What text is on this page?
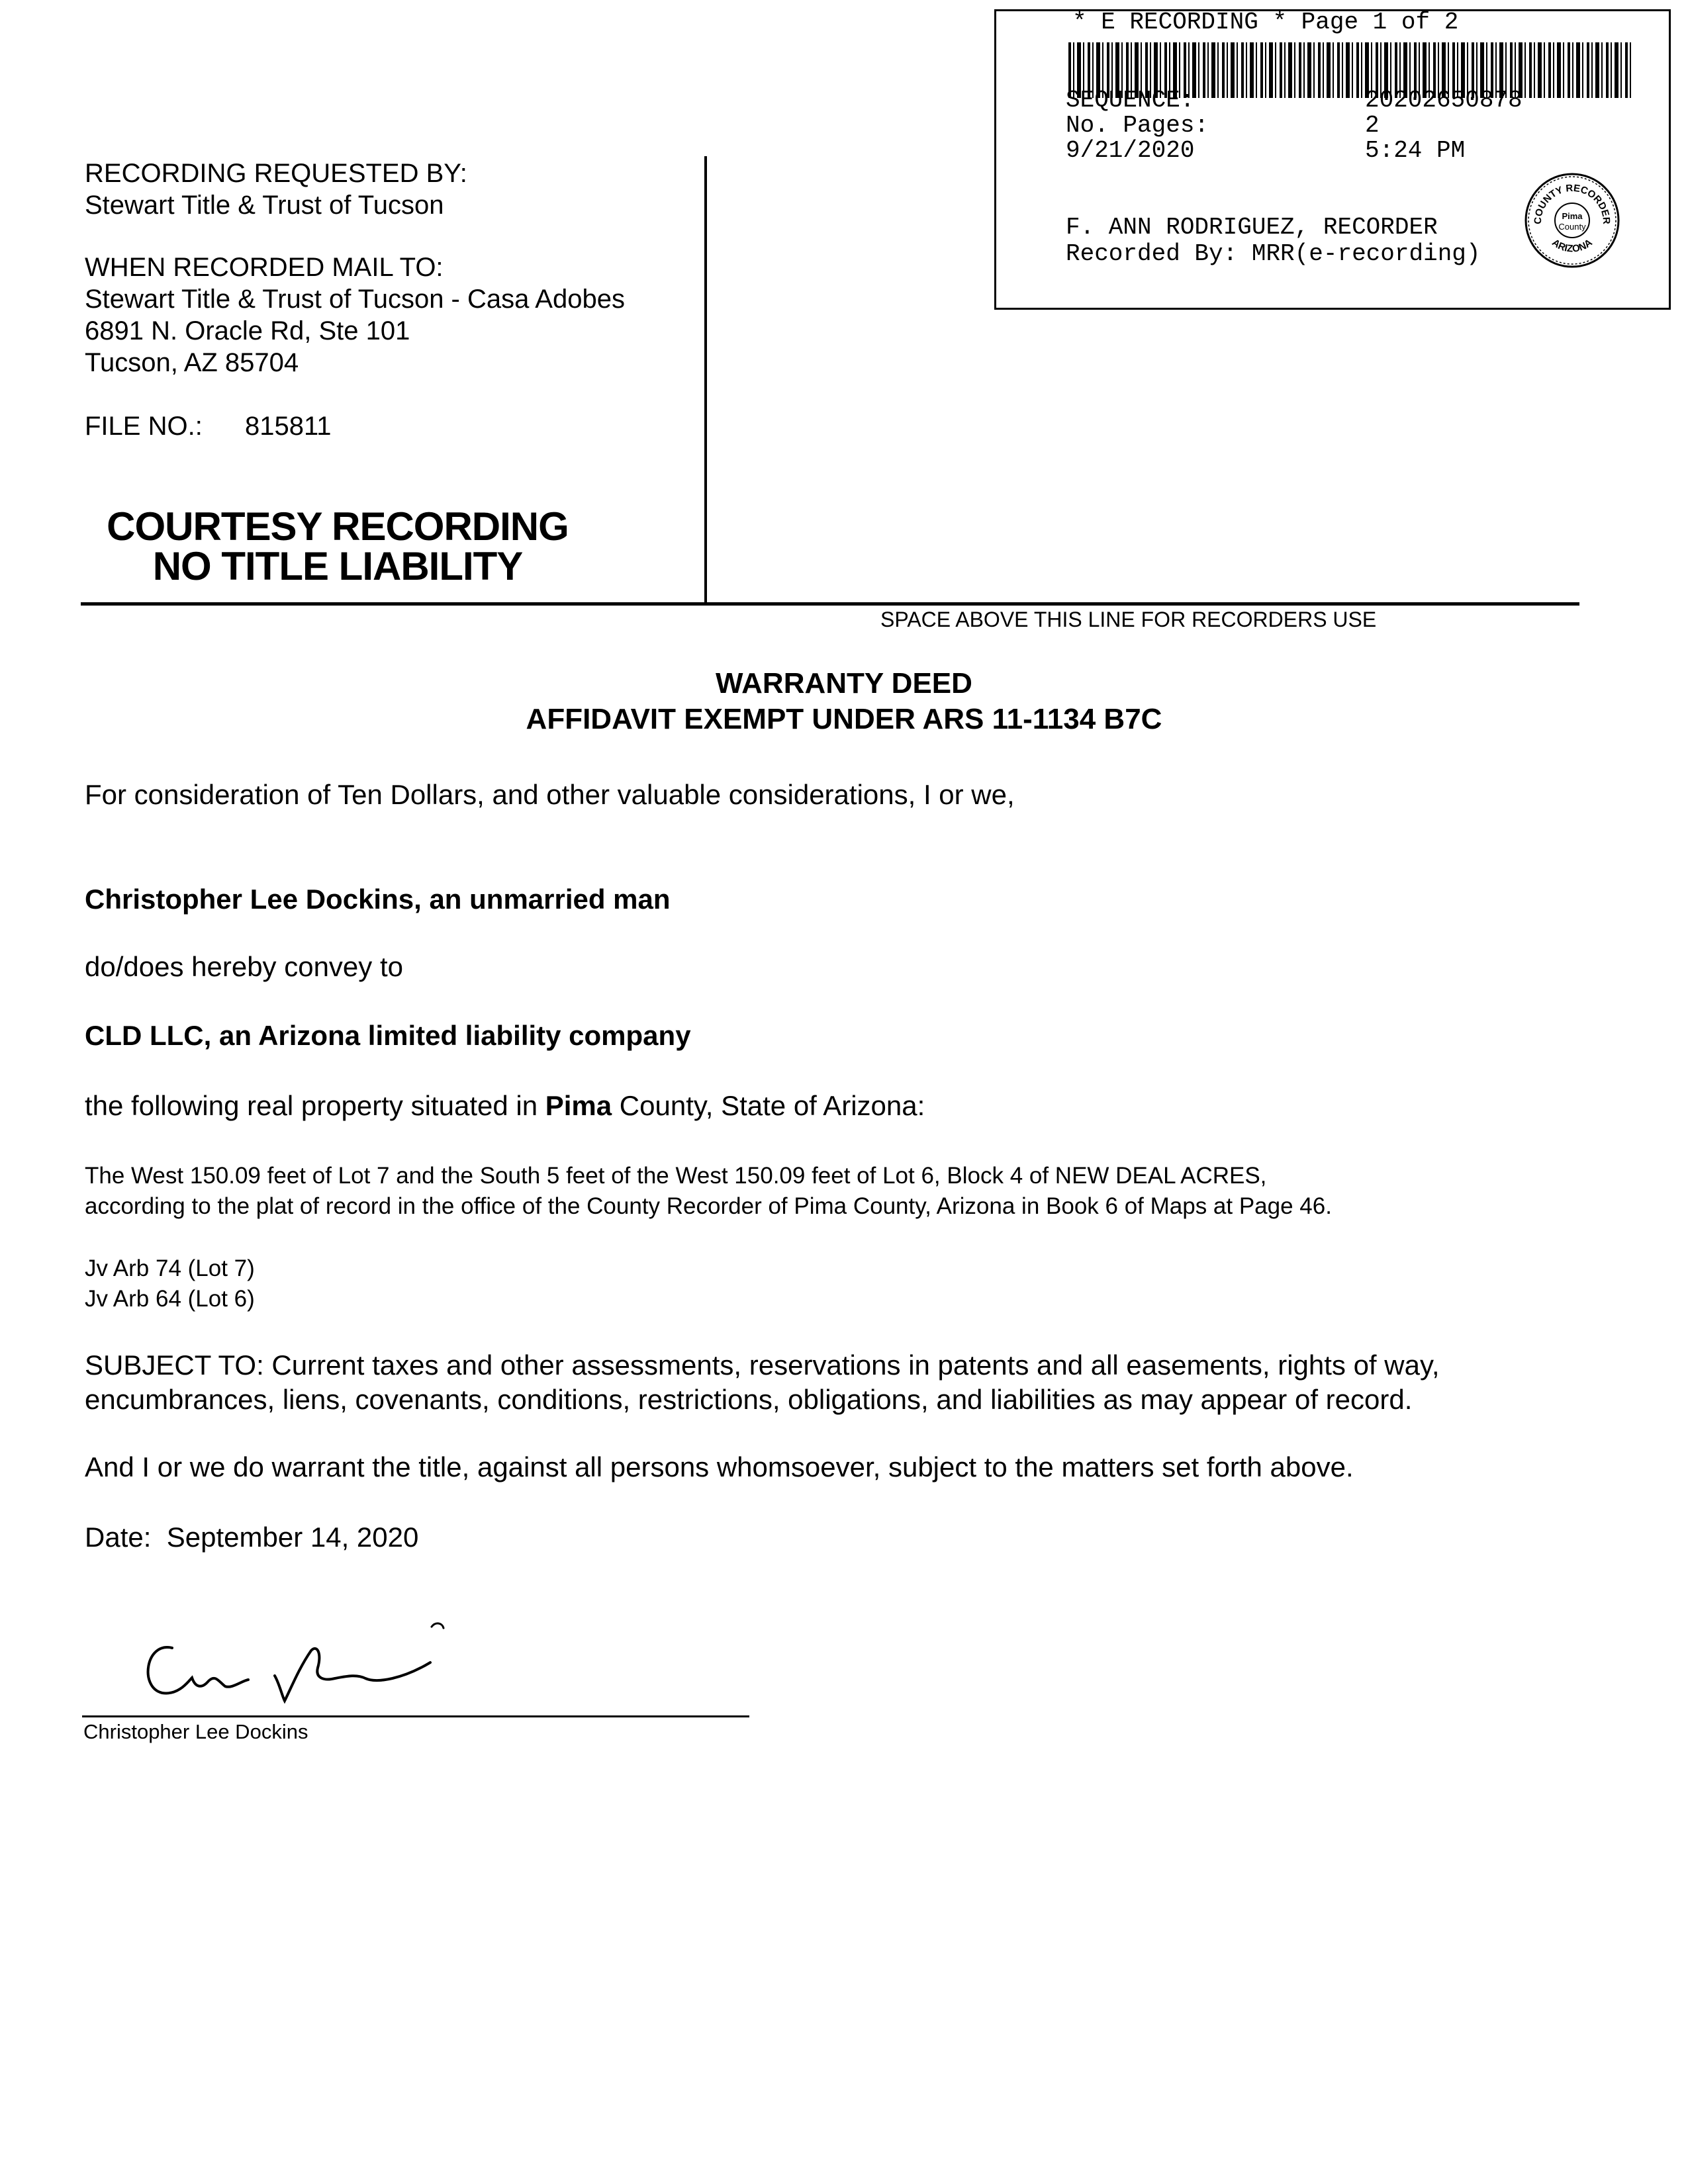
* E RECORDING * Page 1 of 2
SEQUENCE:	20202650878
No. Pages:	2
9/21/2020	5:24 PM
F. ANN RODRIGUEZ, RECORDER
Recorded By: MRR(e-recording)
COUNTY RECORDER
ARIZONA
Pima
County
RECORDING REQUESTED BY:
Stewart Title & Trust of Tucson
WHEN RECORDED MAIL TO:
Stewart Title & Trust of Tucson - Casa Adobes
6891 N. Oracle Rd, Ste 101
Tucson, AZ 85704
FILE NO.: 815811
COURTESY RECORDING
NO TITLE LIABILITY
SPACE ABOVE THIS LINE FOR RECORDERS USE
WARRANTY DEED
AFFIDAVIT EXEMPT UNDER ARS 11-1134 B7C
For consideration of Ten Dollars, and other valuable considerations, I or we,
Christopher Lee Dockins, an unmarried man
do/does hereby convey to
CLD LLC, an Arizona limited liability company
the following real property situated in Pima County, State of Arizona:
The West 150.09 feet of Lot 7 and the South 5 feet of the West 150.09 feet of Lot 6, Block 4 of NEW DEAL ACRES,
according to the plat of record in the office of the County Recorder of Pima County, Arizona in Book 6 of Maps at Page 46.
Jv Arb 74 (Lot 7)
Jv Arb 64 (Lot 6)
SUBJECT TO: Current taxes and other assessments, reservations in patents and all easements, rights of way,
encumbrances, liens, covenants, conditions, restrictions, obligations, and liabilities as may appear of record.
And I or we do warrant the title, against all persons whomsoever, subject to the matters set forth above.
Date: September 14, 2020
Christopher Lee Dockins
